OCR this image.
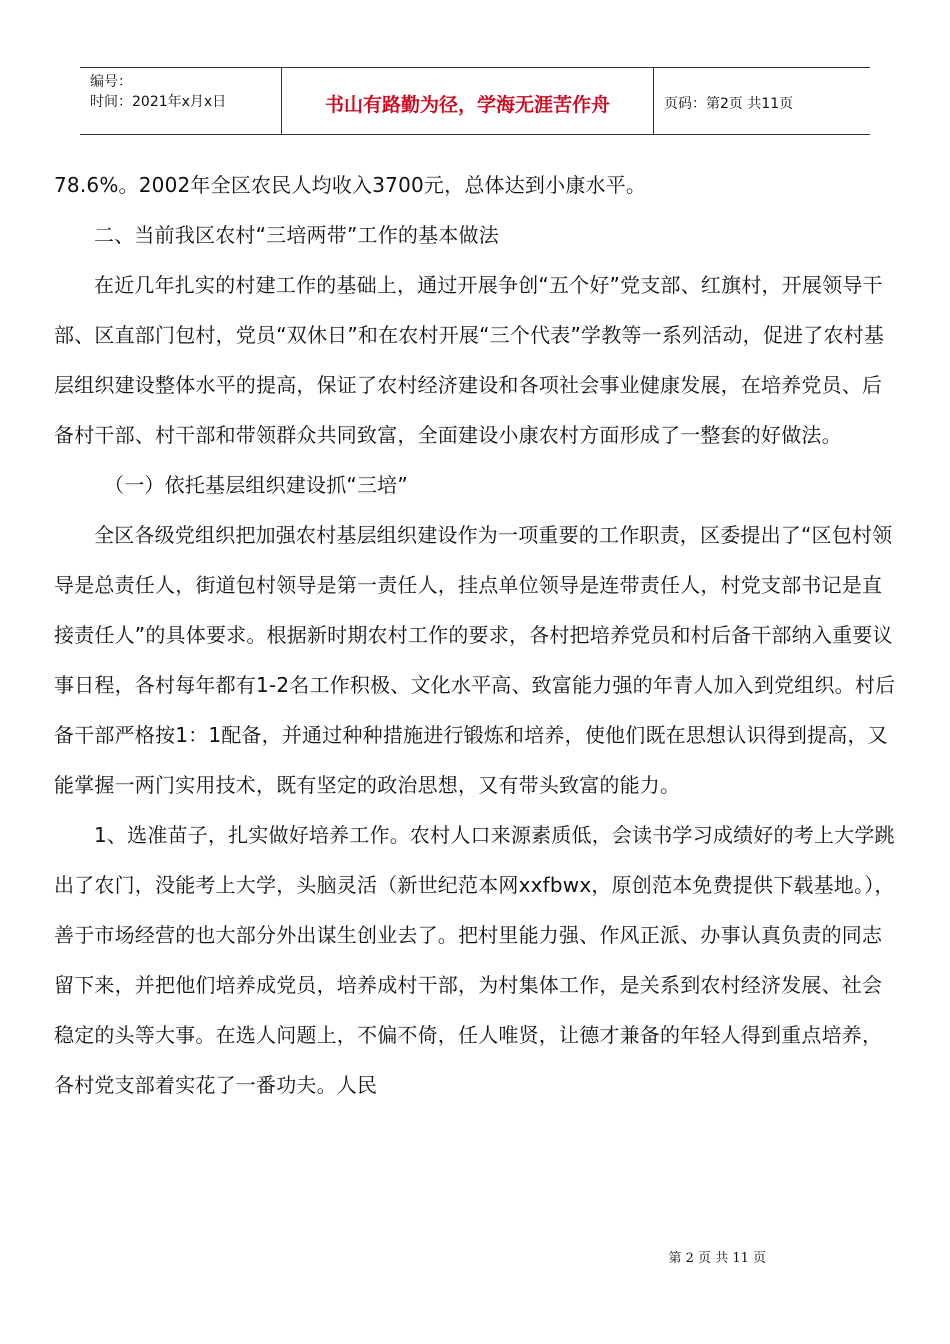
编号：
时间：2021年x月x日	书山有路勤为径，学海无涯苦作舟	页码：第2页 共11页

78.6%。2002年全区农民人均收入3700元，总体达到小康水平。

二、当前我区农村“三培两带”工作的基本做法

在近几年扎实的村建工作的基础上，通过开展争创“五个好”党支部、红旗村，开展领导干部、区直部门包村，党员“双休日”和在农村开展“三个代表”学教等一系列活动，促进了农村基层组织建设整体水平的提高，保证了农村经济建设和各项社会事业健康发展，在培养党员、后备村干部、村干部和带领群众共同致富，全面建设小康农村方面形成了一整套的好做法。

（一）依托基层组织建设抓“三培”

全区各级党组织把加强农村基层组织建设作为一项重要的工作职责，区委提出了“区包村领导是总责任人，街道包村领导是第一责任人，挂点单位领导是连带责任人，村党支部书记是直接责任人”的具体要求。根据新时期农村工作的要求，各村把培养党员和村后备干部纳入重要议事日程，各村每年都有1-2名工作积极、文化水平高、致富能力强的年青人加入到党组织。村后备干部严格按1：1配备，并通过种种措施进行锻炼和培养，使他们既在思想认识得到提高，又能掌握一两门实用技术，既有坚定的政治思想，又有带头致富的能力。

1、选准苗子，扎实做好培养工作。农村人口来源素质低，会读书学习成绩好的考上大学跳出了农门，没能考上大学，头脑灵活（新世纪范本网xxfbwx，原创范本免费提供下载基地。），善于市场经营的也大部分外出谋生创业去了。把村里能力强、作风正派、办事认真负责的同志留下来，并把他们培养成党员，培养成村干部，为村集体工作，是关系到农村经济发展、社会稳定的头等大事。在选人问题上，不偏不倚，任人唯贤，让德才兼备的年轻人得到重点培养，各村党支部着实花了一番功夫。人民

第 2 页 共 11 页
